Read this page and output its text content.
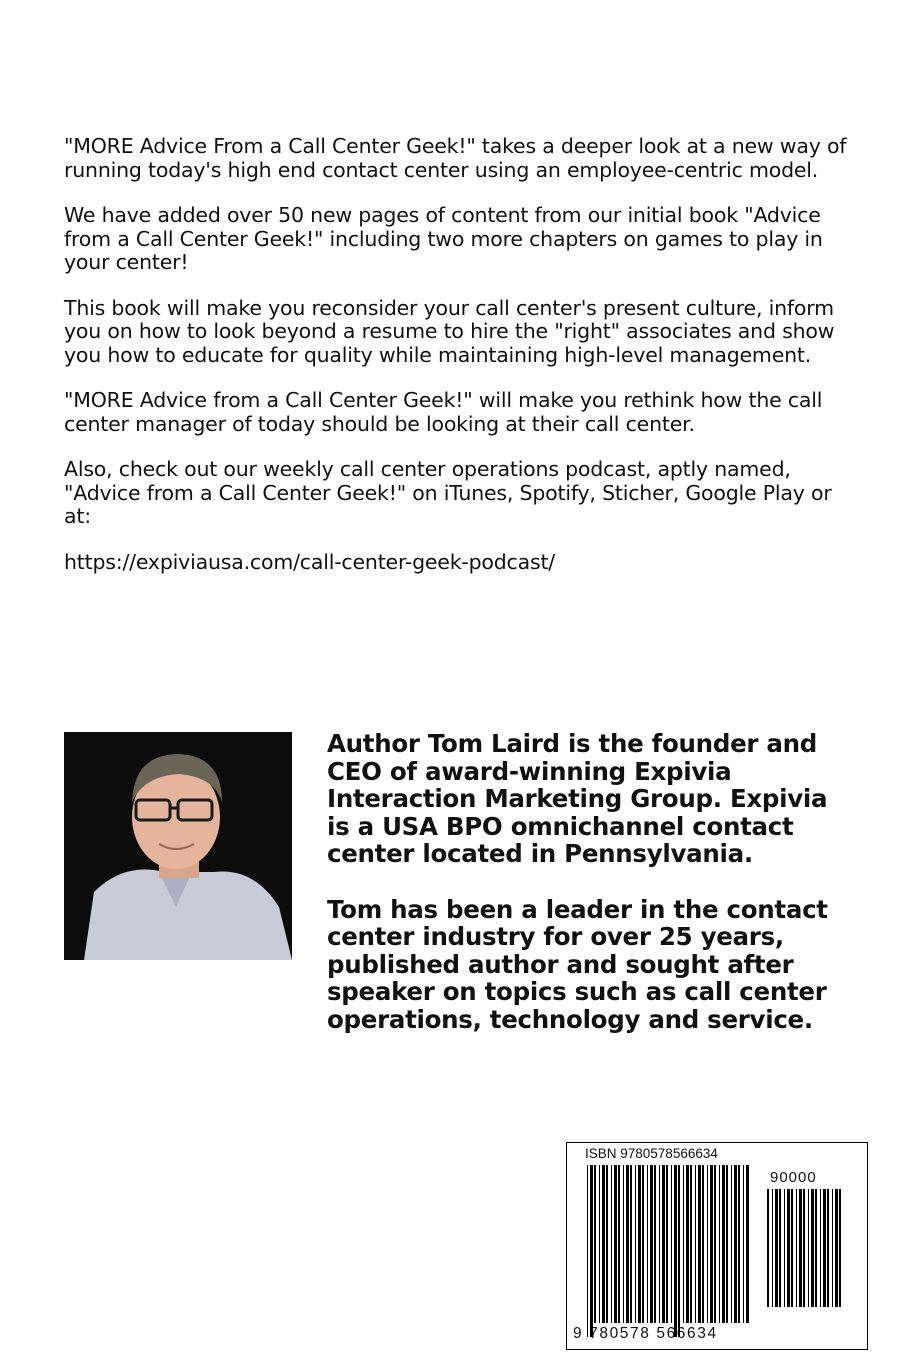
"MORE Advice From a Call Center Geek!" takes a deeper look at a new way of running today's high end contact center using an employee-centric model.

We have added over 50 new pages of content from our initial book "Advice from a Call Center Geek!" including two more chapters on games to play in your center!

This book will make you reconsider your call center's present culture, inform you on how to look beyond a resume to hire the "right" associates and show you how to educate for quality while maintaining high-level management.

"MORE Advice from a Call Center Geek!" will make you rethink how the call center manager of today should be looking at their call center.

Also, check out our weekly call center operations podcast, aptly named, "Advice from a Call Center Geek!" on iTunes, Spotify, Sticher, Google Play or at:

https://expiviausa.com/call-center-geek-podcast/

Author Tom Laird is the founder and CEO of award-winning Expivia Interaction Marketing Group. Expivia is a USA BPO omnichannel contact center located in Pennsylvania.

Tom has been a leader in the contact center industry for over 25 years, published author and sought after speaker on topics such as call center operations, technology and service.

ISBN 9780578566634
90000
9 780578 566634
